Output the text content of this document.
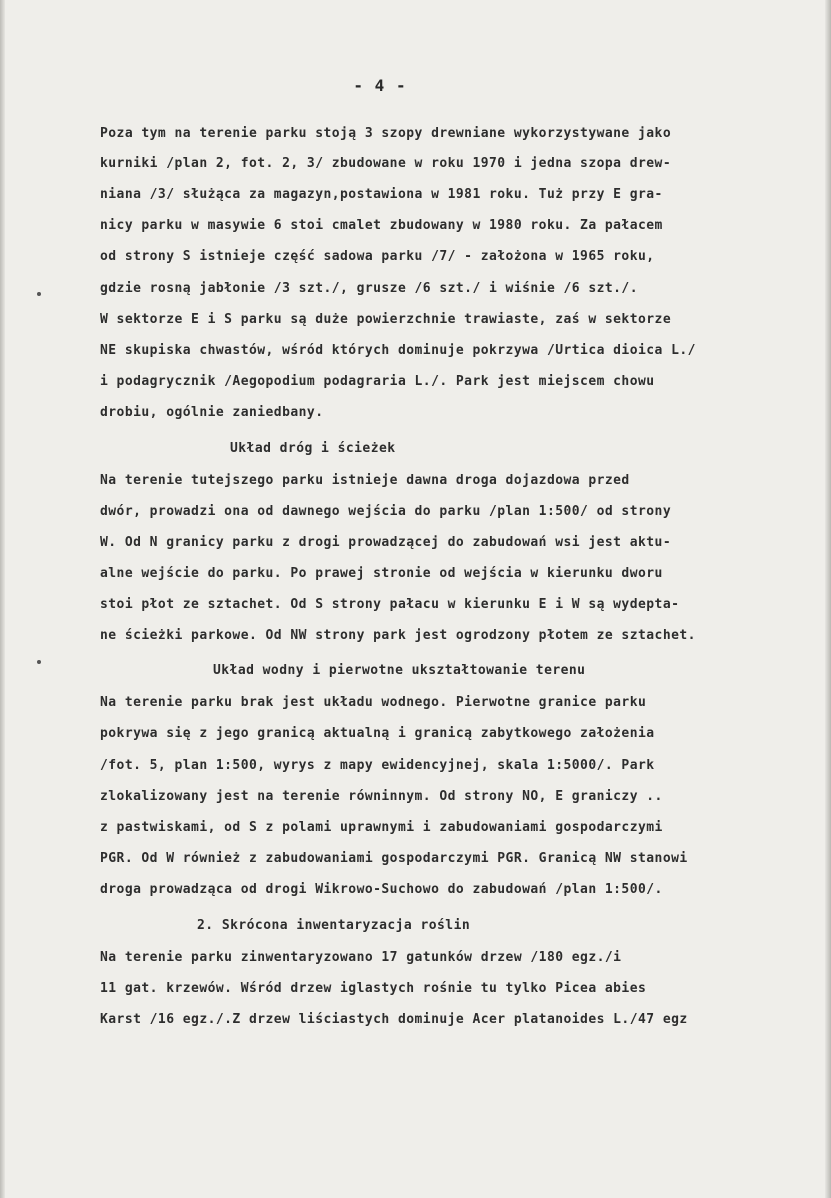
- 4 -
Poza tym na terenie parku stoją 3 szopy drewniane wykorzystywane jako
kurniki /plan 2, fot. 2, 3/ zbudowane w roku 1970 i jedna szopa drew-
niana /3/ służąca za magazyn,postawiona w 1981 roku. Tuż przy E gra-
nicy parku w masywie 6 stoi cmalet zbudowany w 1980 roku. Za pałacem
od strony S istnieje część sadowa parku /7/ - założona w 1965 roku,
gdzie rosną jabłonie /3 szt./, grusze /6 szt./ i wiśnie /6 szt./.
W sektorze E i S parku są duże powierzchnie trawiaste, zaś w sektorze
NE skupiska chwastów, wśród których dominuje pokrzywa /Urtica dioica L./
i podagrycznik /Aegopodium podagraria L./. Park jest miejscem chowu
drobiu, ogólnie zaniedbany.
Układ dróg i ścieżek
Na terenie tutejszego parku istnieje dawna droga dojazdowa przed
dwór, prowadzi ona od dawnego wejścia do parku /plan 1:500/ od strony
W. Od N granicy parku z drogi prowadzącej do zabudowań wsi jest aktu-
alne wejście do parku. Po prawej stronie od wejścia w kierunku dworu
stoi płot ze sztachet. Od S strony pałacu w kierunku E i W są wydepta-
ne ścieżki parkowe. Od NW strony park jest ogrodzony płotem ze sztachet.
Układ wodny i pierwotne ukształtowanie terenu
Na terenie parku brak jest układu wodnego. Pierwotne granice parku
pokrywa się z jego granicą aktualną i granicą zabytkowego założenia
/fot. 5, plan 1:500, wyrys z mapy ewidencyjnej, skala 1:5000/. Park
zlokalizowany jest na terenie równinnym. Od strony NO, E graniczy ..
z pastwiskami, od S z polami uprawnymi i zabudowaniami gospodarczymi
PGR. Od W również z zabudowaniami gospodarczymi PGR. Granicą NW stanowi
droga prowadząca od drogi Wikrowo-Suchowo do zabudowań /plan 1:500/.
2. Skrócona inwentaryzacja roślin
Na terenie parku zinwentaryzowano 17 gatunków drzew /180 egz./i
11 gat. krzewów. Wśród drzew iglastych rośnie tu tylko Picea abies
Karst /16 egz./.Z drzew liściastych dominuje Acer platanoides L./47 egz
